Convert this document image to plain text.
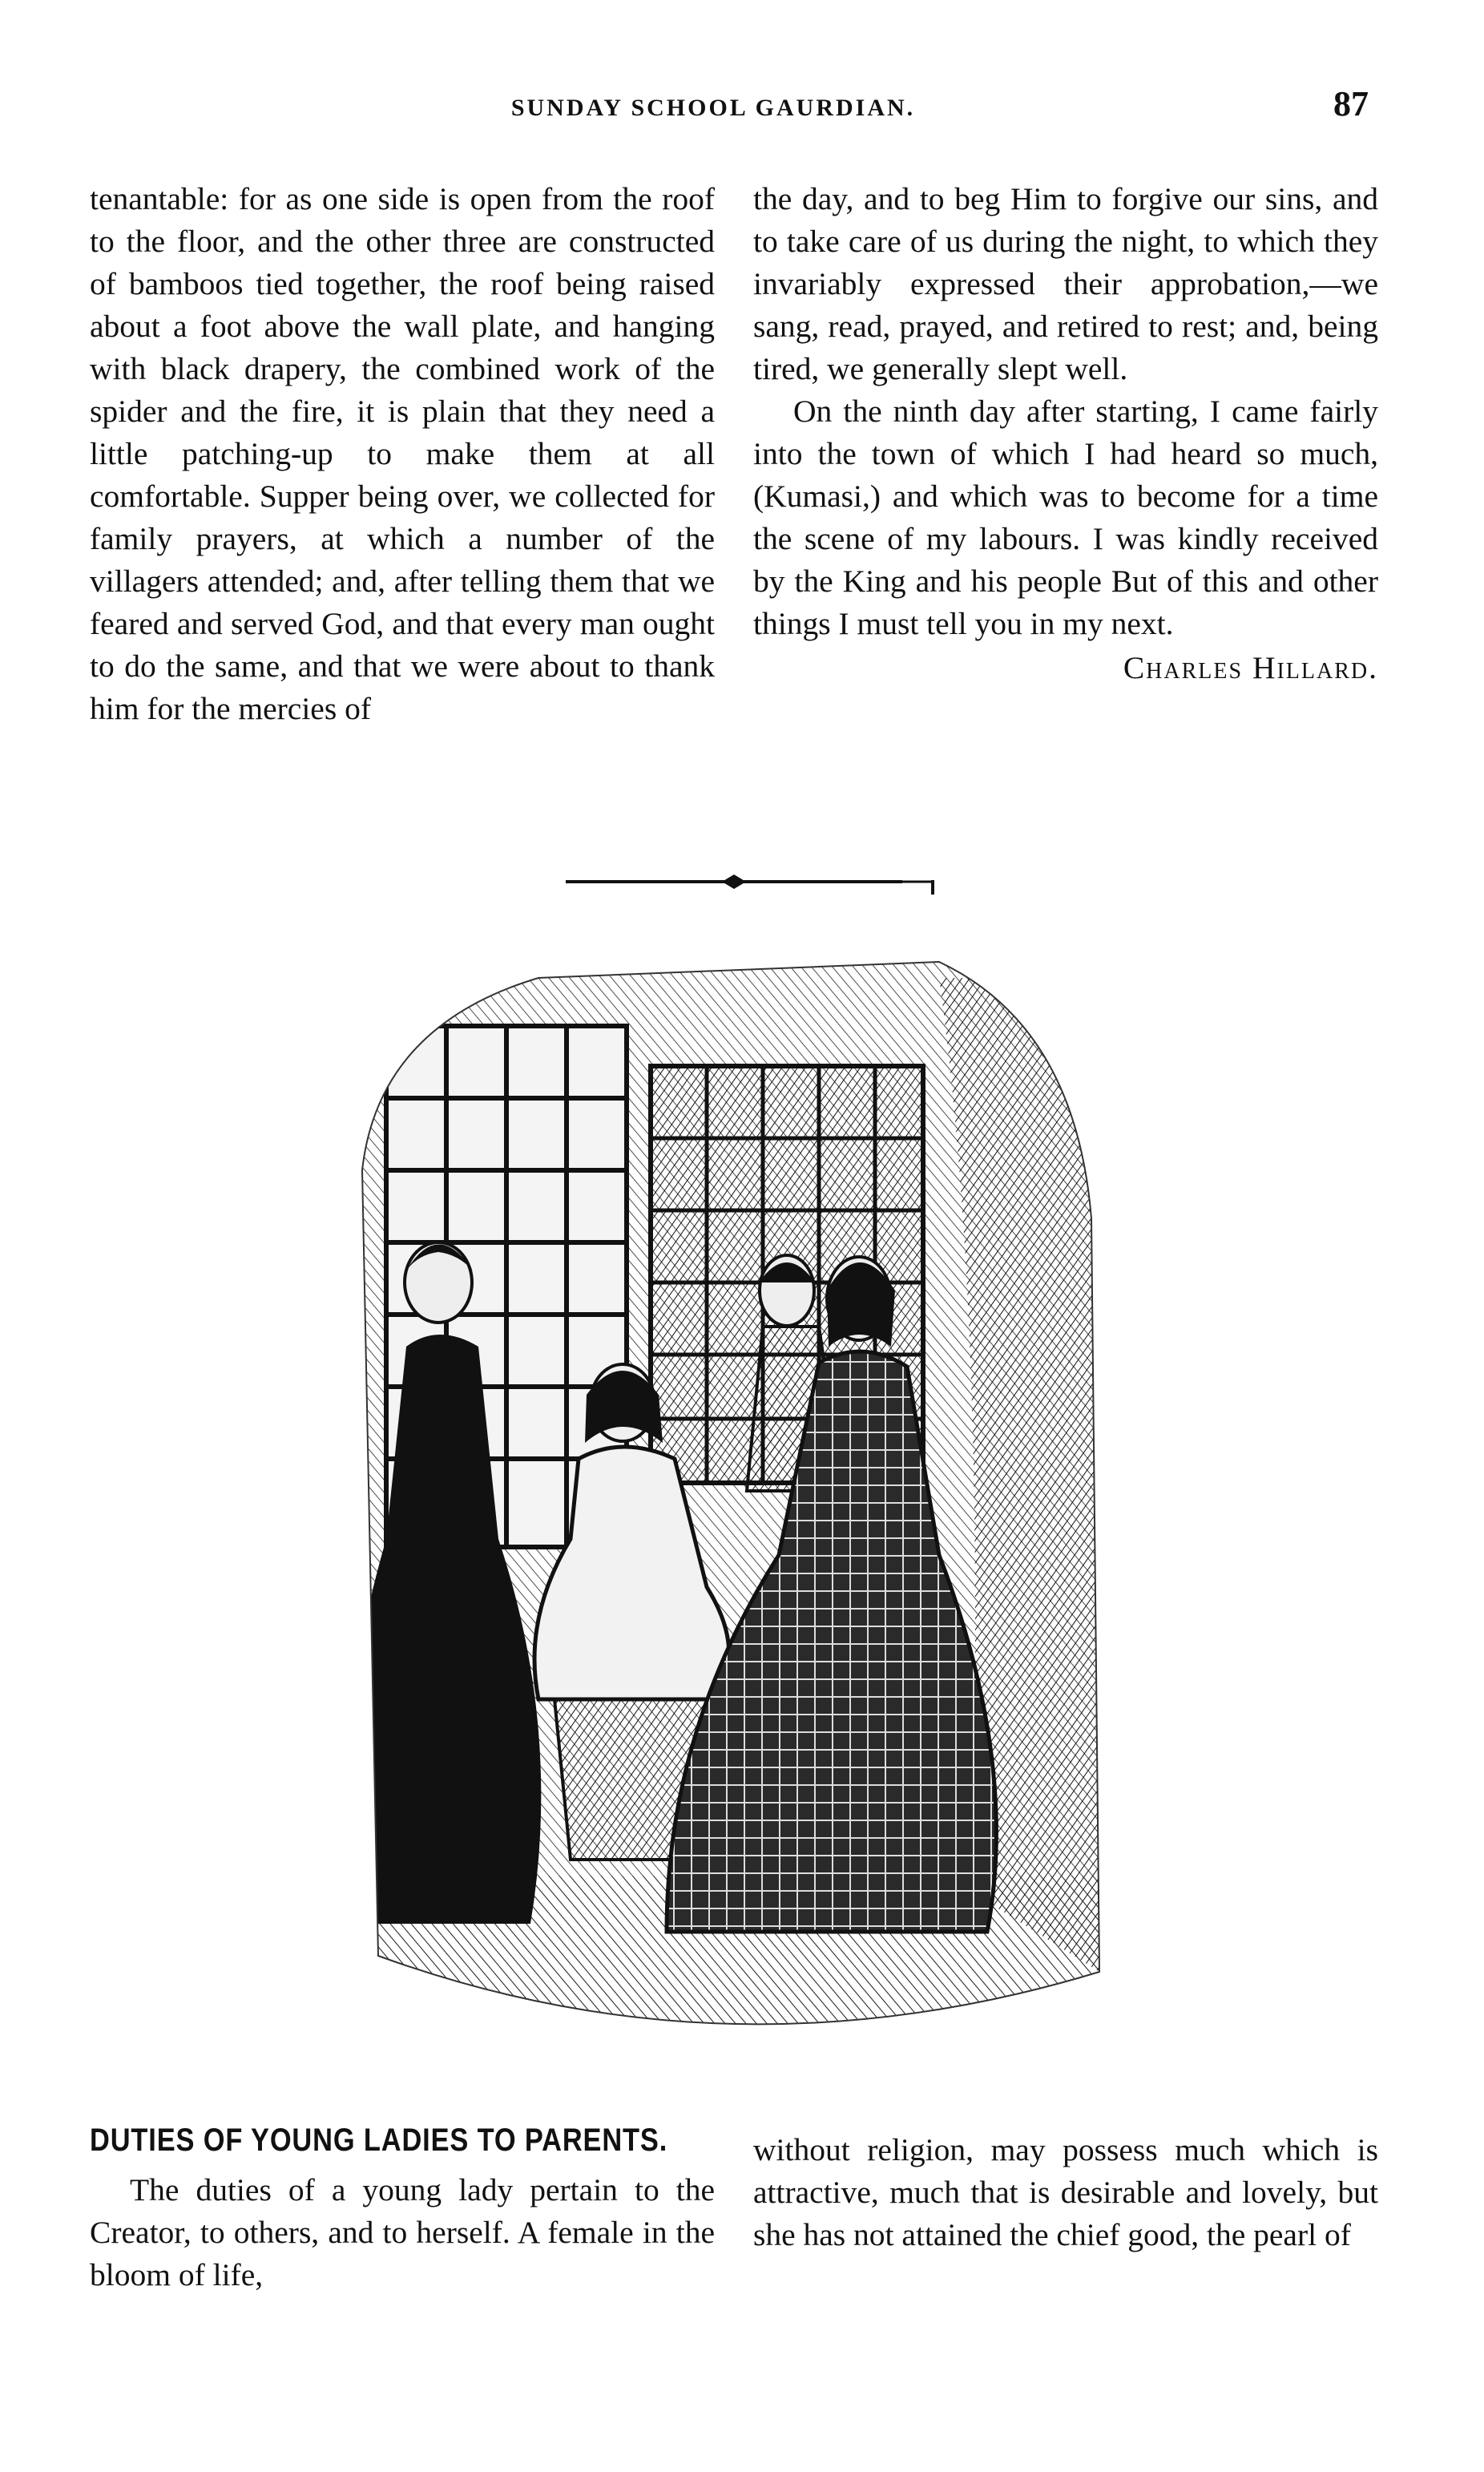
SUNDAY SCHOOL GAURDIAN.	87

tenantable: for as one side is open from the roof to the floor, and the other three are constructed of bamboos tied together, the roof being raised about a foot above the wall plate, and hanging with black drapery, the combined work of the spider and the fire, it is plain that they need a little patching-up to make them at all comfortable. Supper being over, we collected for family prayers, at which a number of the villagers attended; and, after telling them that we feared and served God, and that every man ought to do the same, and that we were about to thank him for the mercies of

the day, and to beg Him to forgive our sins, and to take care of us during the night, to which they invariably expressed their approbation,—we sang, read, prayed, and retired to rest; and, being tired, we generally slept well.

On the ninth day after starting, I came fairly into the town of which I had heard so much, (Kumasi,) and which was to become for a time the scene of my labours. I was kindly received by the King and his people But of this and other things I must tell you in my next.

Charles Hillard.

DUTIES OF YOUNG LADIES TO PARENTS.

The duties of a young lady pertain to the Creator, to others, and to herself. A female in the bloom of life,

without religion, may possess much which is attractive, much that is desirable and lovely, but she has not attained the chief good, the pearl of
